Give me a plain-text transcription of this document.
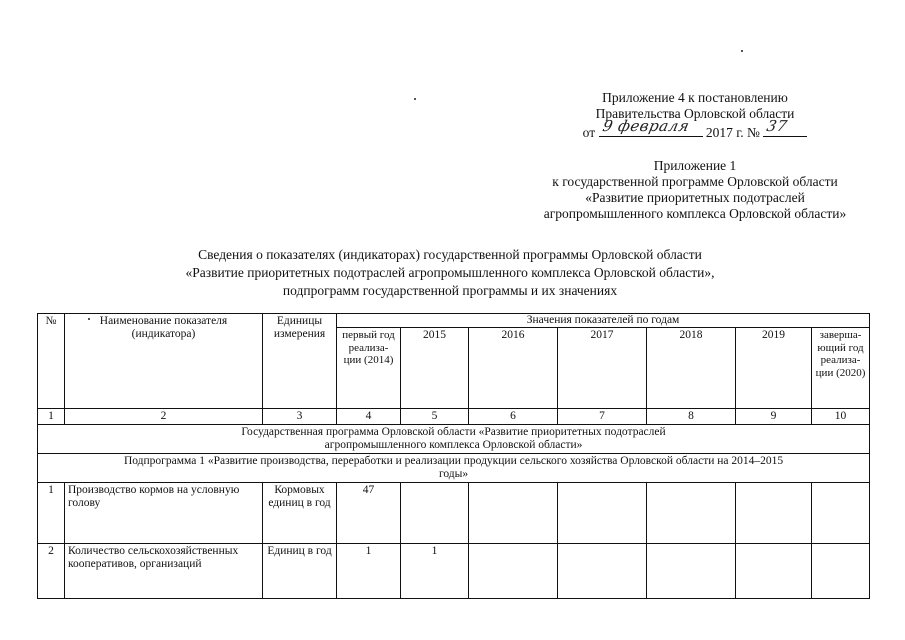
Приложение 4 к постановлению
Правительства Орловской области
от 9 февраля 2017 г. № 37
Приложение 1
к государственной программе Орловской области
«Развитие приоритетных подотраслей
агропромышленного комплекса Орловской области»
Сведения о показателях (индикаторах) государственной программы Орловской области
«Развитие приоритетных подотраслей агропромышленного комплекса Орловской области»,
подпрограмм государственной программы и их значениях
№	Наименование показателя (индикатора)	Единицы измерения	Значения показателей по годам						
			первый год реализа-ции (2014)	2015	2016	2017	2018	2019	заверша-ющий год реализа-ции (2020)
1	2	3	4	5	6	7	8	9	10
Государственная программа Орловской области «Развитие приоритетных подотраслей агропромышленного комплекса Орловской области»									
Подпрограмма 1 «Развитие производства, переработки и реализации продукции сельского хозяйства Орловской области на 2014–2015 годы»									
1	Производство кормов на условную голову	Кормовых единиц в год	47						
2	Количество сельскохозяйственных кооперативов, организаций	Единиц в год	1	1					
